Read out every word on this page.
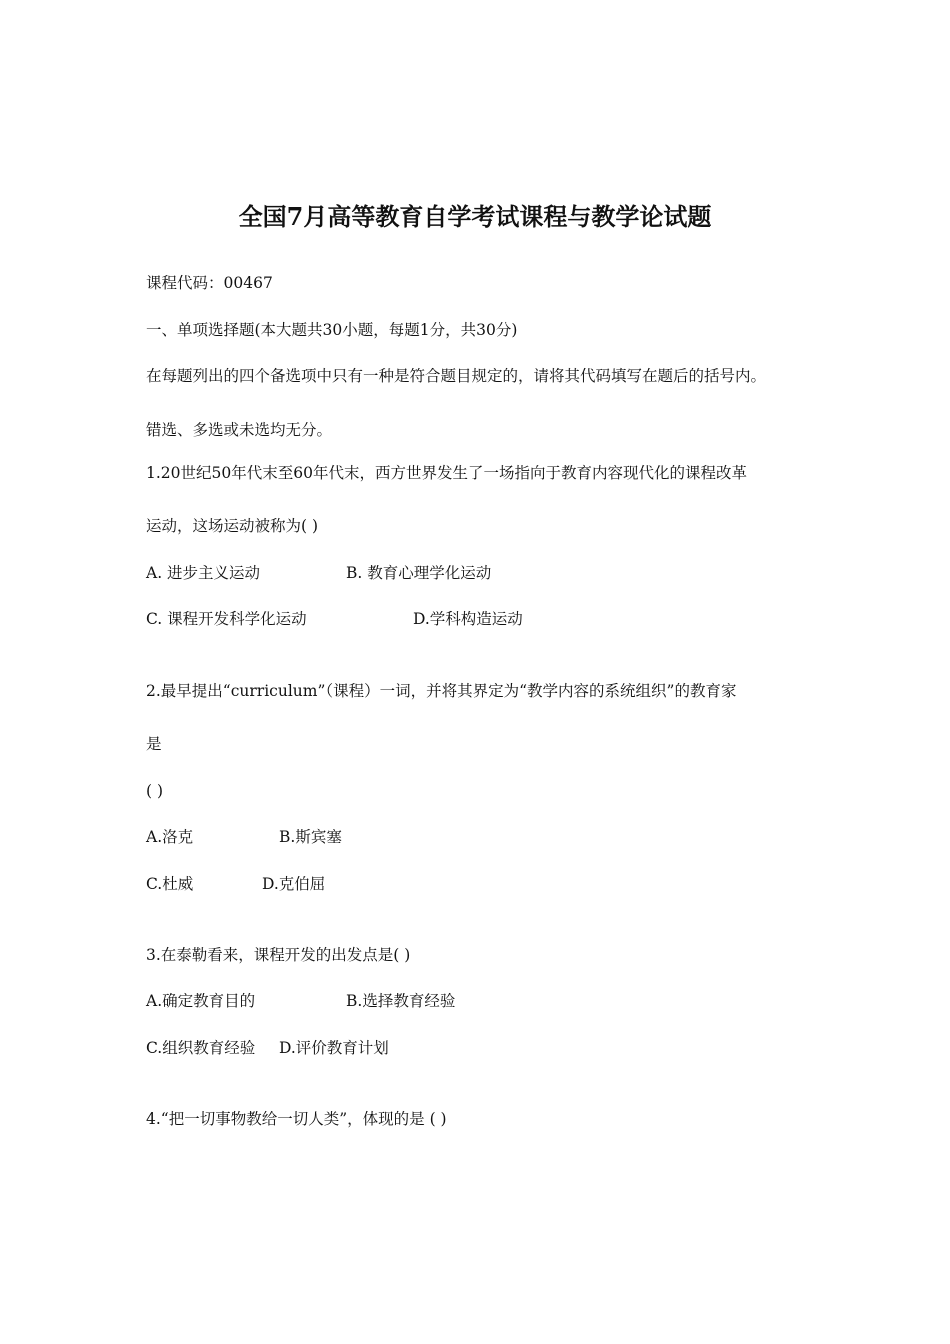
全国7月高等教育自学考试课程与教学论试题
课程代码：00467
一、单项选择题(本大题共30小题，每题1分，共30分)
在每题列出的四个备选项中只有一种是符合题目规定的，请将其代码填写在题后的括号内。
错选、多选或未选均无分。
1.20世纪50年代末至60年代末，西方世界发生了一场指向于教育内容现代化的课程改革
运动，这场运动被称为( )
A. 进步主义运动	B. 教育心理学化运动
C. 课程开发科学化运动	D.学科构造运动
2.最早提出“curriculum”（课程）一词，并将其界定为“教学内容的系统组织”的教育家
是
( )
A.洛克	B.斯宾塞
C.杜威	D.克伯屈
3.在泰勒看来，课程开发的出发点是( )
A.确定教育目的	B.选择教育经验
C.组织教育经验 D.评价教育计划
4.“把一切事物教给一切人类”，体现的是 ( )
